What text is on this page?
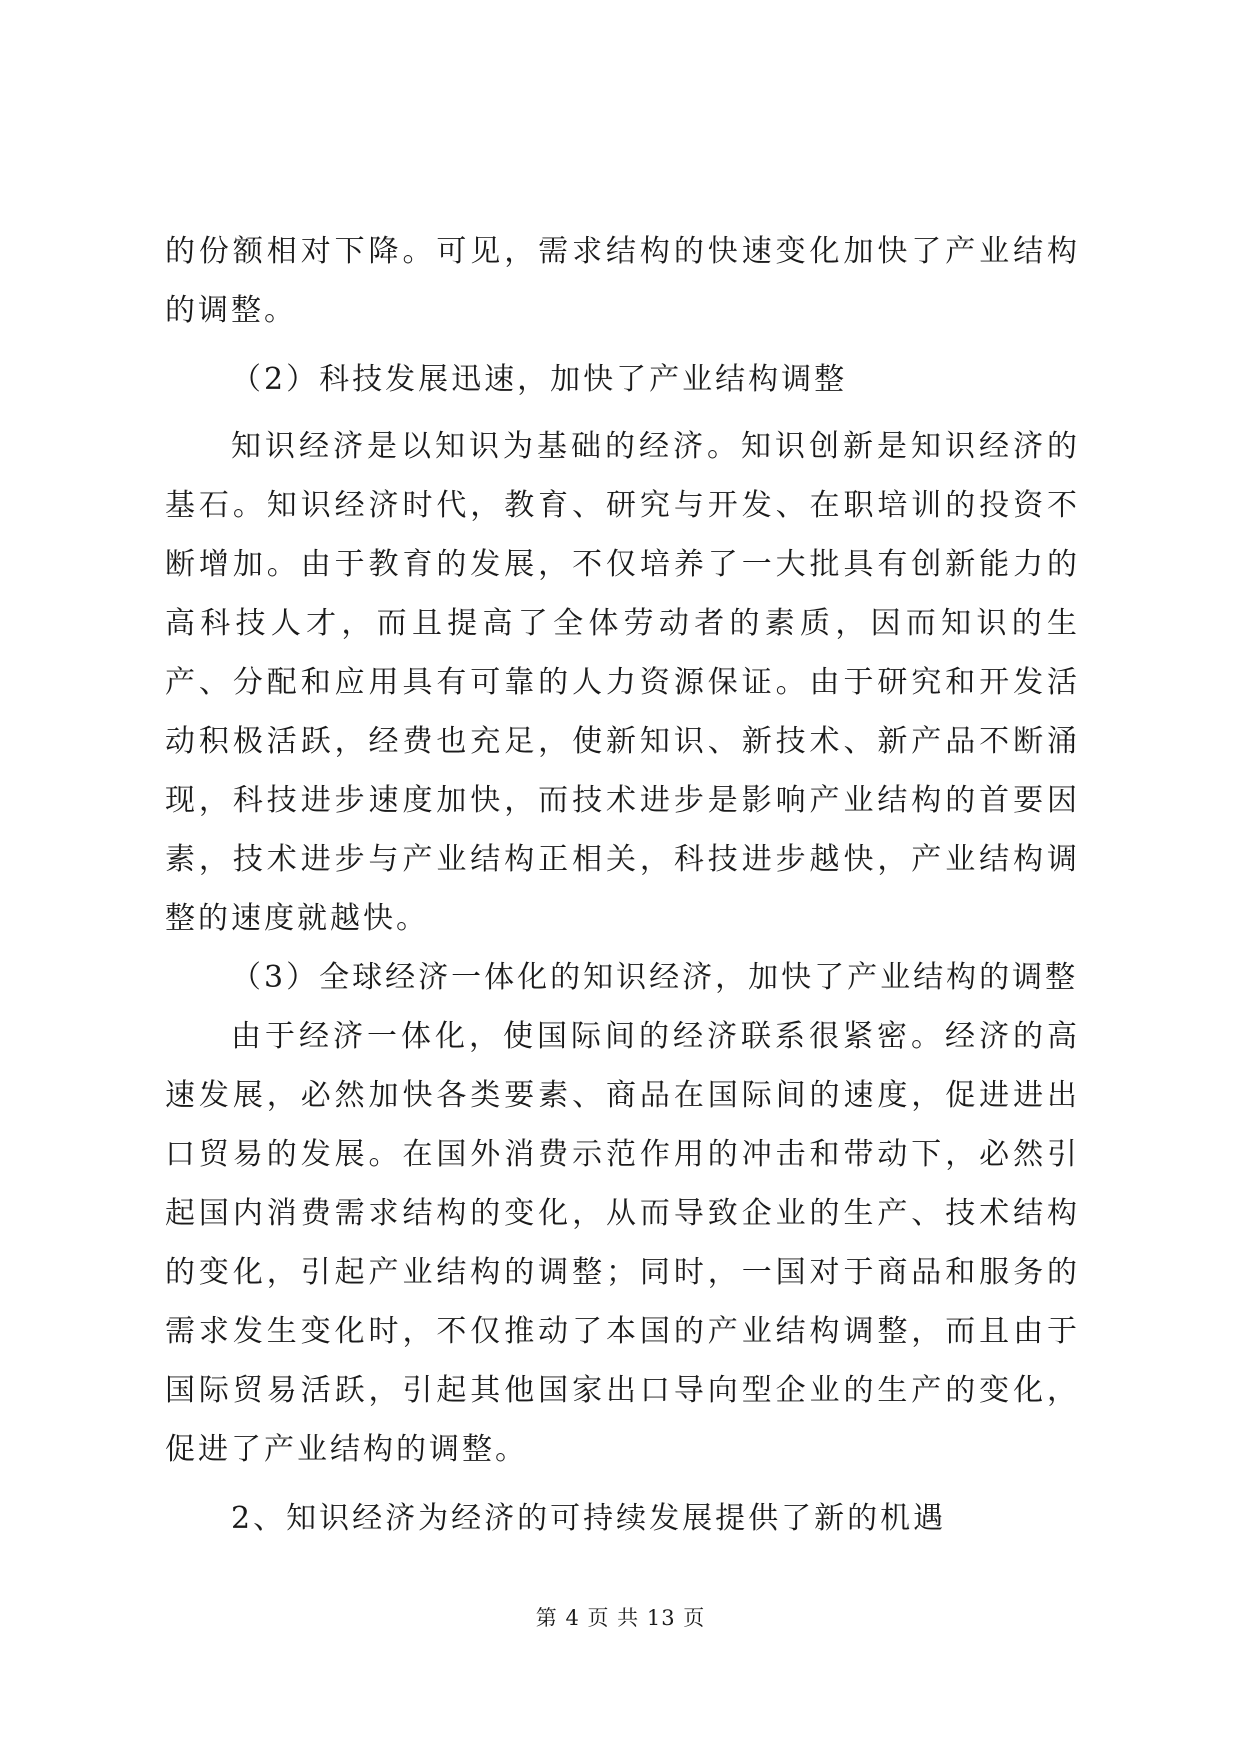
的份额相对下降。可见，需求结构的快速变化加快了产业结构的调整。

（2）科技发展迅速，加快了产业结构调整

知识经济是以知识为基础的经济。知识创新是知识经济的基石。知识经济时代，教育、研究与开发、在职培训的投资不断增加。由于教育的发展，不仅培养了一大批具有创新能力的高科技人才，而且提高了全体劳动者的素质，因而知识的生产、分配和应用具有可靠的人力资源保证。由于研究和开发活动积极活跃，经费也充足，使新知识、新技术、新产品不断涌现，科技进步速度加快，而技术进步是影响产业结构的首要因素，技术进步与产业结构正相关，科技进步越快，产业结构调整的速度就越快。

（3）全球经济一体化的知识经济，加快了产业结构的调整

由于经济一体化，使国际间的经济联系很紧密。经济的高速发展，必然加快各类要素、商品在国际间的速度，促进进出口贸易的发展。在国外消费示范作用的冲击和带动下，必然引起国内消费需求结构的变化，从而导致企业的生产、技术结构的变化，引起产业结构的调整；同时，一国对于商品和服务的需求发生变化时，不仅推动了本国的产业结构调整，而且由于国际贸易活跃，引起其他国家出口导向型企业的生产的变化，促进了产业结构的调整。

2、知识经济为经济的可持续发展提供了新的机遇

第 4 页 共 13 页
